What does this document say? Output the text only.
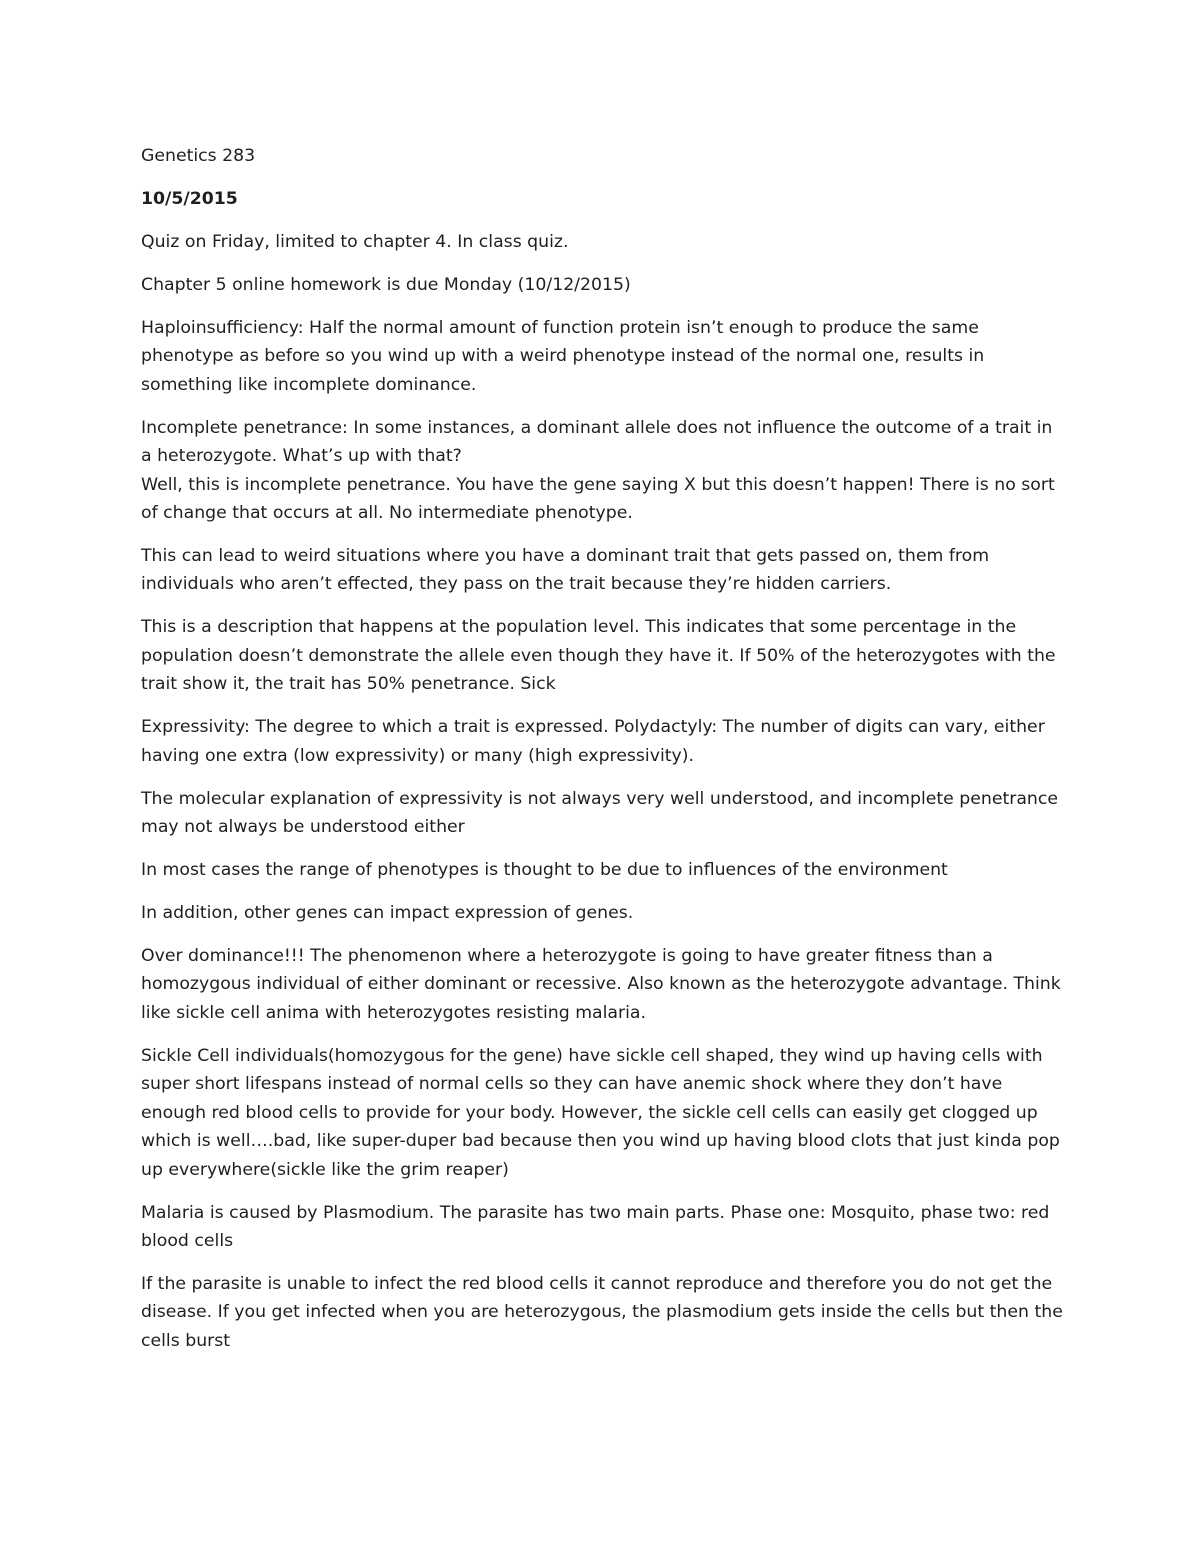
Genetics 283

10/5/2015

Quiz on Friday, limited to chapter 4. In class quiz.

Chapter 5 online homework is due Monday (10/12/2015)

Haploinsufficiency: Half the normal amount of function protein isn’t enough to produce the same phenotype as before so you wind up with a weird phenotype instead of the normal one, results in something like incomplete dominance.

Incomplete penetrance: In some instances, a dominant allele does not influence the outcome of a trait in a heterozygote. What’s up with that?

Well, this is incomplete penetrance. You have the gene saying X but this doesn’t happen! There is no sort of change that occurs at all. No intermediate phenotype.

This can lead to weird situations where you have a dominant trait that gets passed on, them from individuals who aren’t effected, they pass on the trait because they’re hidden carriers.

This is a description that happens at the population level. This indicates that some percentage in the population doesn’t demonstrate the allele even though they have it. If 50% of the heterozygotes with the trait show it, the trait has 50% penetrance. Sick

Expressivity: The degree to which a trait is expressed. Polydactyly: The number of digits can vary, either having one extra (low expressivity) or many (high expressivity).

The molecular explanation of expressivity is not always very well understood, and incomplete penetrance may not always be understood either

In most cases the range of phenotypes is thought to be due to influences of the environment

In addition, other genes can impact expression of genes.

Over dominance!!! The phenomenon where a heterozygote is going to have greater fitness than a homozygous individual of either dominant or recessive. Also known as the heterozygote advantage. Think like sickle cell anima with heterozygotes resisting malaria.

Sickle Cell individuals(homozygous for the gene) have sickle cell shaped, they wind up having cells with super short lifespans instead of normal cells so they can have anemic shock where they don’t have enough red blood cells to provide for your body. However, the sickle cell cells can easily get clogged up which is well….bad, like super-duper bad because then you wind up having blood clots that just kinda pop up everywhere(sickle like the grim reaper)

Malaria is caused by Plasmodium. The parasite has two main parts. Phase one: Mosquito, phase two: red blood cells

If the parasite is unable to infect the red blood cells it cannot reproduce and therefore you do not get the disease. If you get infected when you are heterozygous, the plasmodium gets inside the cells but then the cells burst
